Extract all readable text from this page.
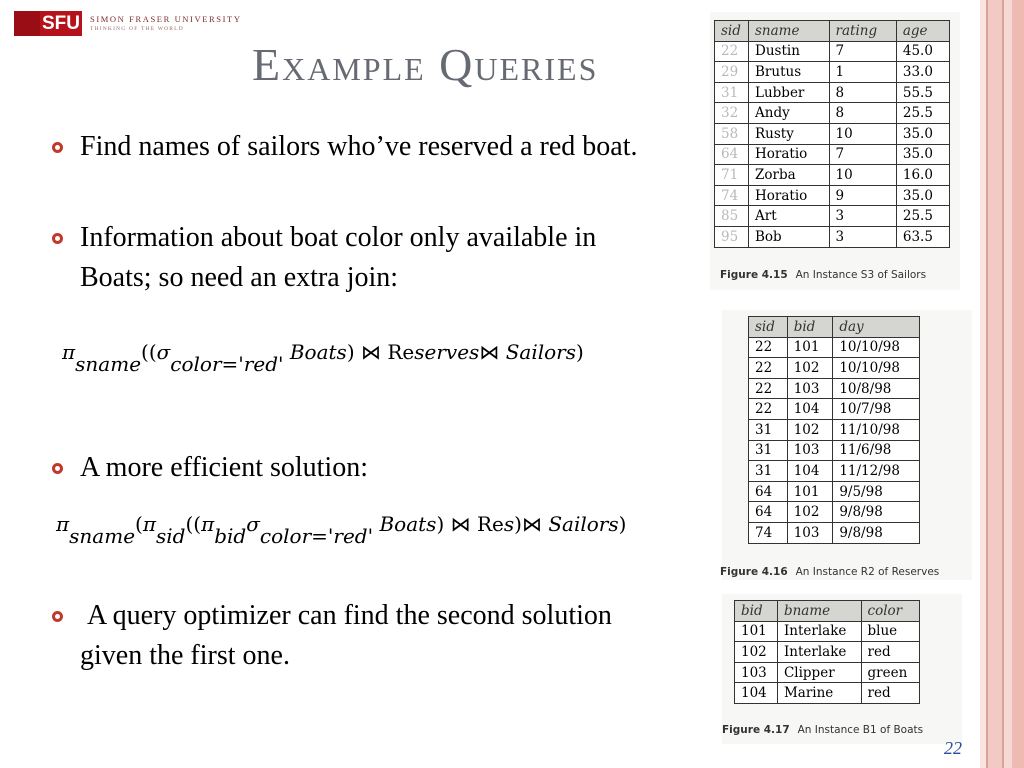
SFU SIMON FRASER UNIVERSITY
THINKING OF THE WORLD
Example Queries
Find names of sailors who’ve reserved a red boat.
Information about boat color only available in Boats; so need an extra join:
$\pi_{sname}((\sigma_{color='red'}$ Boats) ⋈ Reserves⋈ Sailors)
A more efficient solution:
$\pi_{sname}(\pi_{sid}((\pi_{bid}\sigma_{color='red'}$ Boats) ⋈ Res)⋈ Sailors)
A query optimizer can find the second solution given the first one.
sid	sname	rating	age
22	Dustin	7	45.0
29	Brutus	1	33.0
31	Lubber	8	55.5
32	Andy	8	25.5
58	Rusty	10	35.0
64	Horatio	7	35.0
71	Zorba	10	16.0
74	Horatio	9	35.0
85	Art	3	25.5
95	Bob	3	63.5
Figure 4.15 An Instance S3 of Sailors
sid	bid	day
22	101	10/10/98
22	102	10/10/98
22	103	10/8/98
22	104	10/7/98
31	102	11/10/98
31	103	11/6/98
31	104	11/12/98
64	101	9/5/98
64	102	9/8/98
74	103	9/8/98
Figure 4.16 An Instance R2 of Reserves
bid	bname	color
101	Interlake	blue
102	Interlake	red
103	Clipper	green
104	Marine	red
Figure 4.17 An Instance B1 of Boats
22
